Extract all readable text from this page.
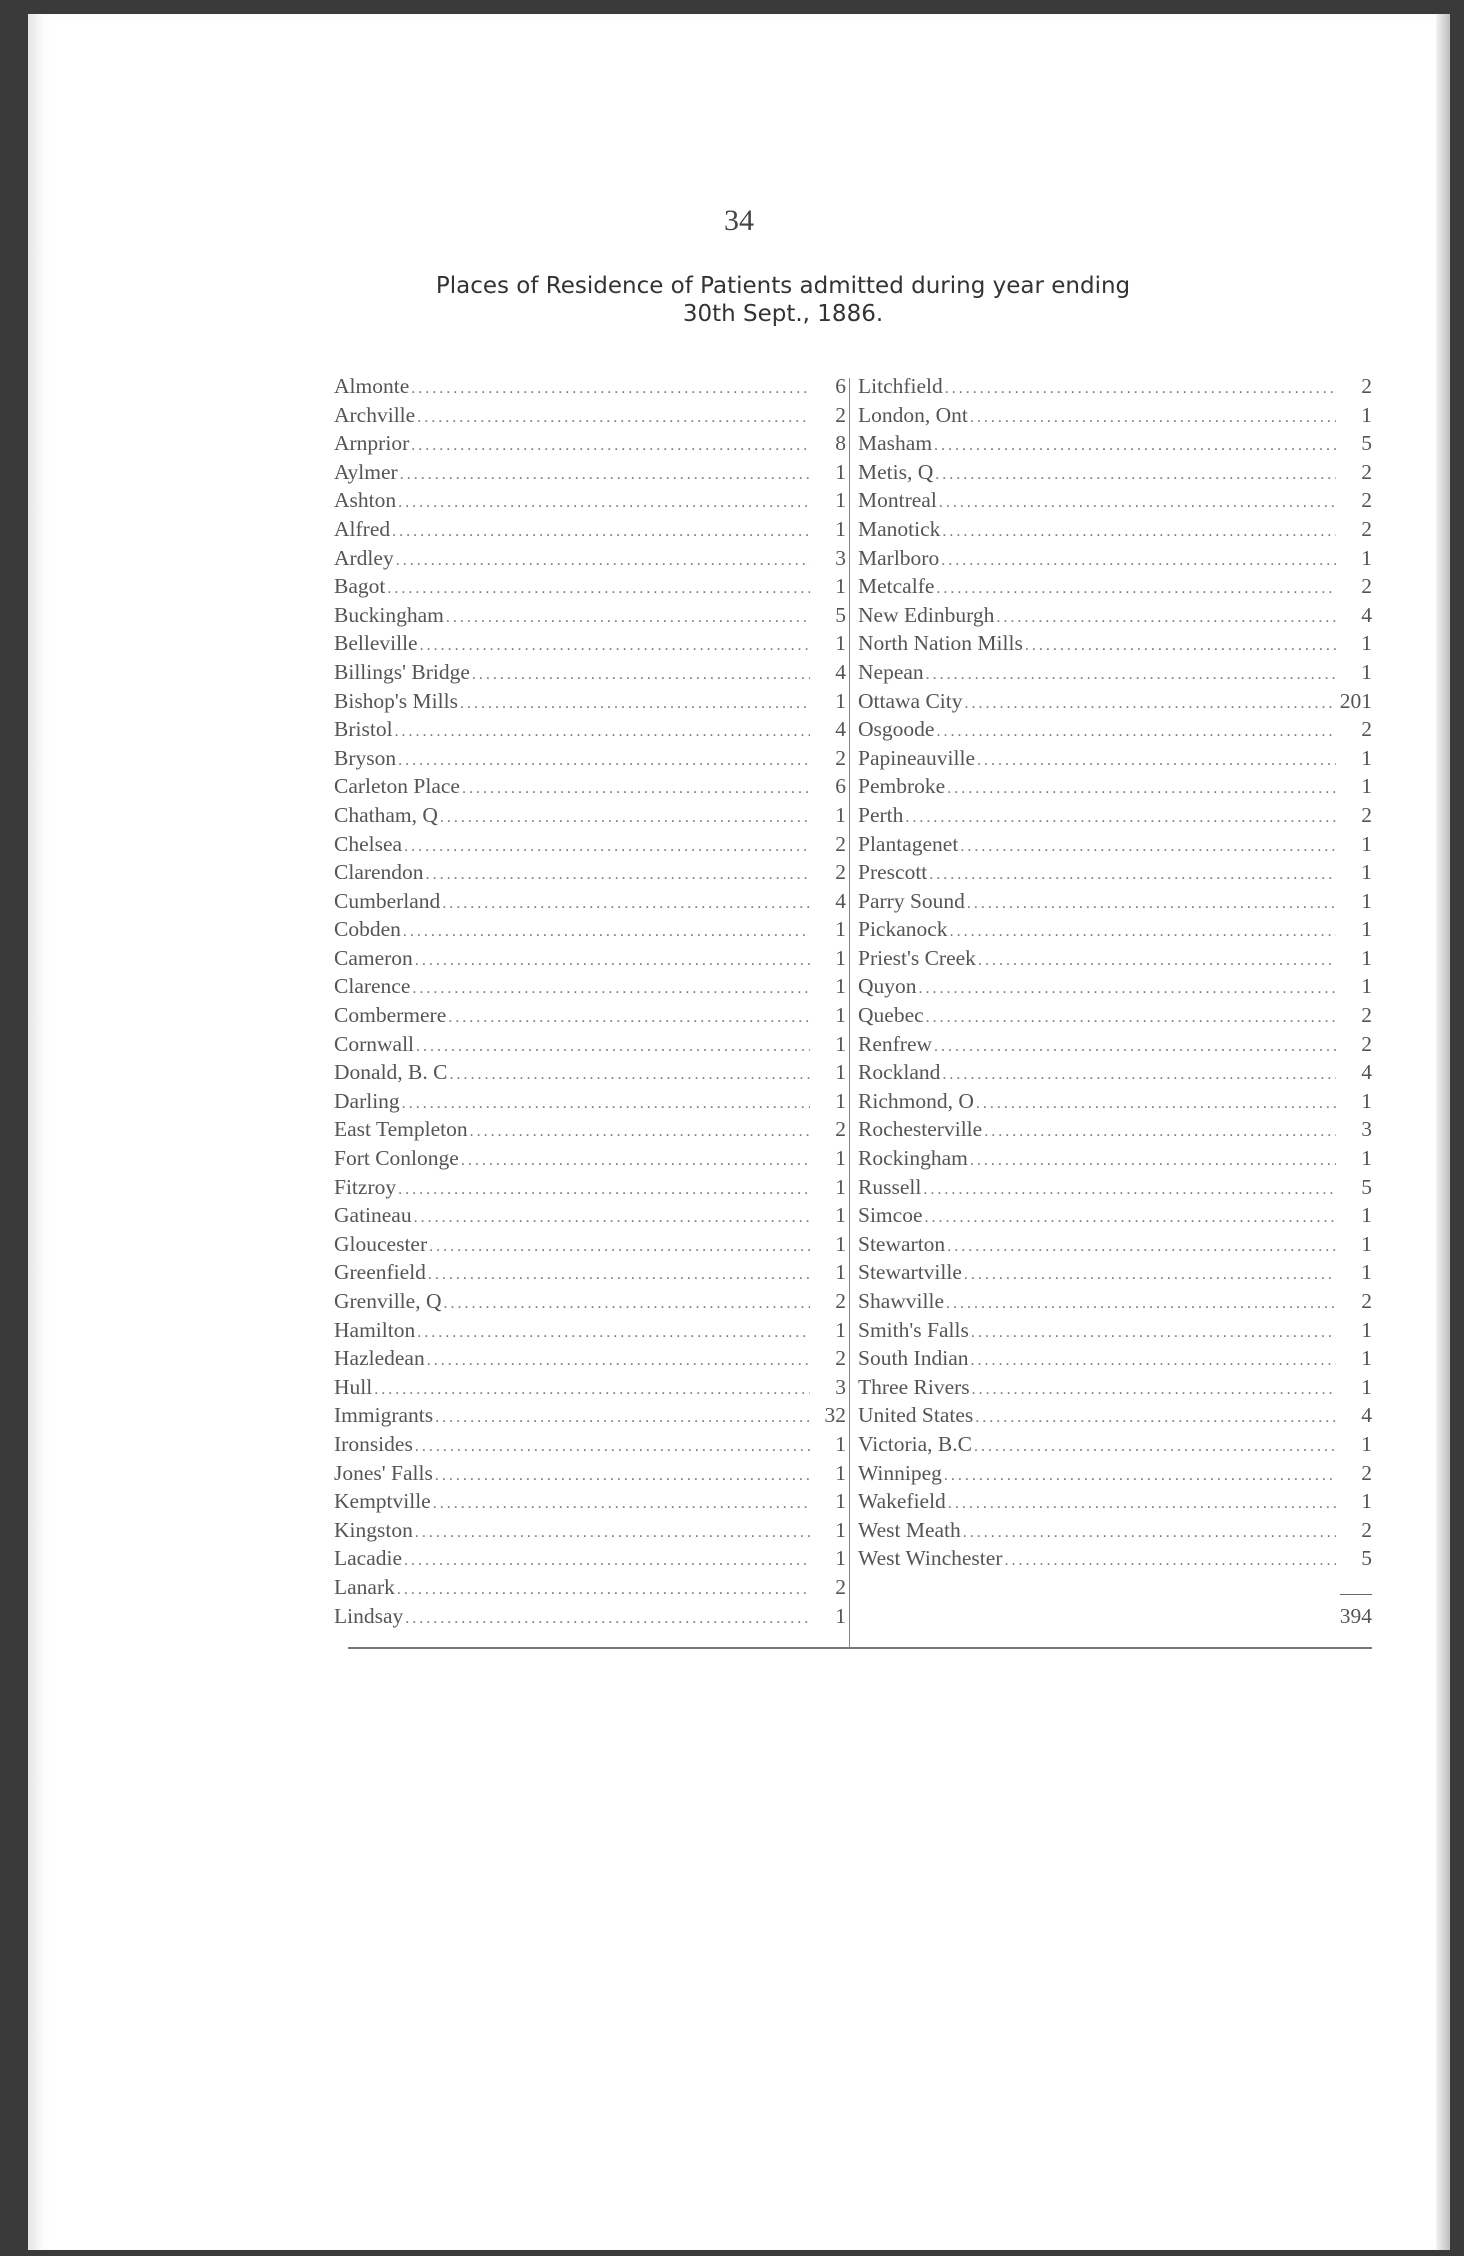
34
Places of Residence of Patients admitted during year ending
30th Sept., 1886.
Almonte .....	6
Archville .....	2
Arnprior .....	8
Aylmer .....	1
Ashton .....	1
Alfred .....	1
Ardley .....	3
Bagot .....	1
Buckingham .....	5
Belleville .....	1
Billings' Bridge .....	4
Bishop's Mills .....	1
Bristol .....	4
Bryson .....	2
Carleton Place .....	6
Chatham, Q .....	1
Chelsea .....	2
Clarendon .....	2
Cumberland .....	4
Cobden .....	1
Cameron .....	1
Clarence .....	1
Combermere .....	1
Cornwall .....	1
Donald, B. C .....	1
Darling .....	1
East Templeton .....	2
Fort Conlonge .....	1
Fitzroy .....	1
Gatineau .....	1
Gloucester .....	1
Greenfield .....	1
Grenville, Q .....	2
Hamilton .....	1
Hazledean .....	2
Hull .....	3
Immigrants .....	32
Ironsides .....	1
Jones' Falls .....	1
Kemptville .....	1
Kingston .....	1
Lacadie .....	1
Lanark .....	2
Lindsay .....	1
Litchfield .....	2
London, Ont .....	1
Masham .....	5
Metis, Q .....	2
Montreal .....	2
Manotick .....	2
Marlboro .....	1
Metcalfe .....	2
New Edinburgh .....	4
North Nation Mills .....	1
Nepean .....	1
Ottawa City .....	201
Osgoode .....	2
Papineauville .....	1
Pembroke .....	1
Perth .....	2
Plantagenet .....	1
Prescott .....	1
Parry Sound .....	1
Pickanock .....	1
Priest's Creek .....	1
Quyon .....	1
Quebec .....	2
Renfrew .....	2
Rockland .....	4
Richmond, O .....	1
Rochesterville .....	3
Rockingham .....	1
Russell .....	5
Simcoe .....	1
Stewarton .....	1
Stewartville .....	1
Shawville .....	2
Smith's Falls .....	1
South Indian .....	1
Three Rivers .....	1
United States .....	4
Victoria, B.C .....	1
Winnipeg .....	2
Wakefield .....	1
West Meath .....	2
West Winchester .....	5
394
